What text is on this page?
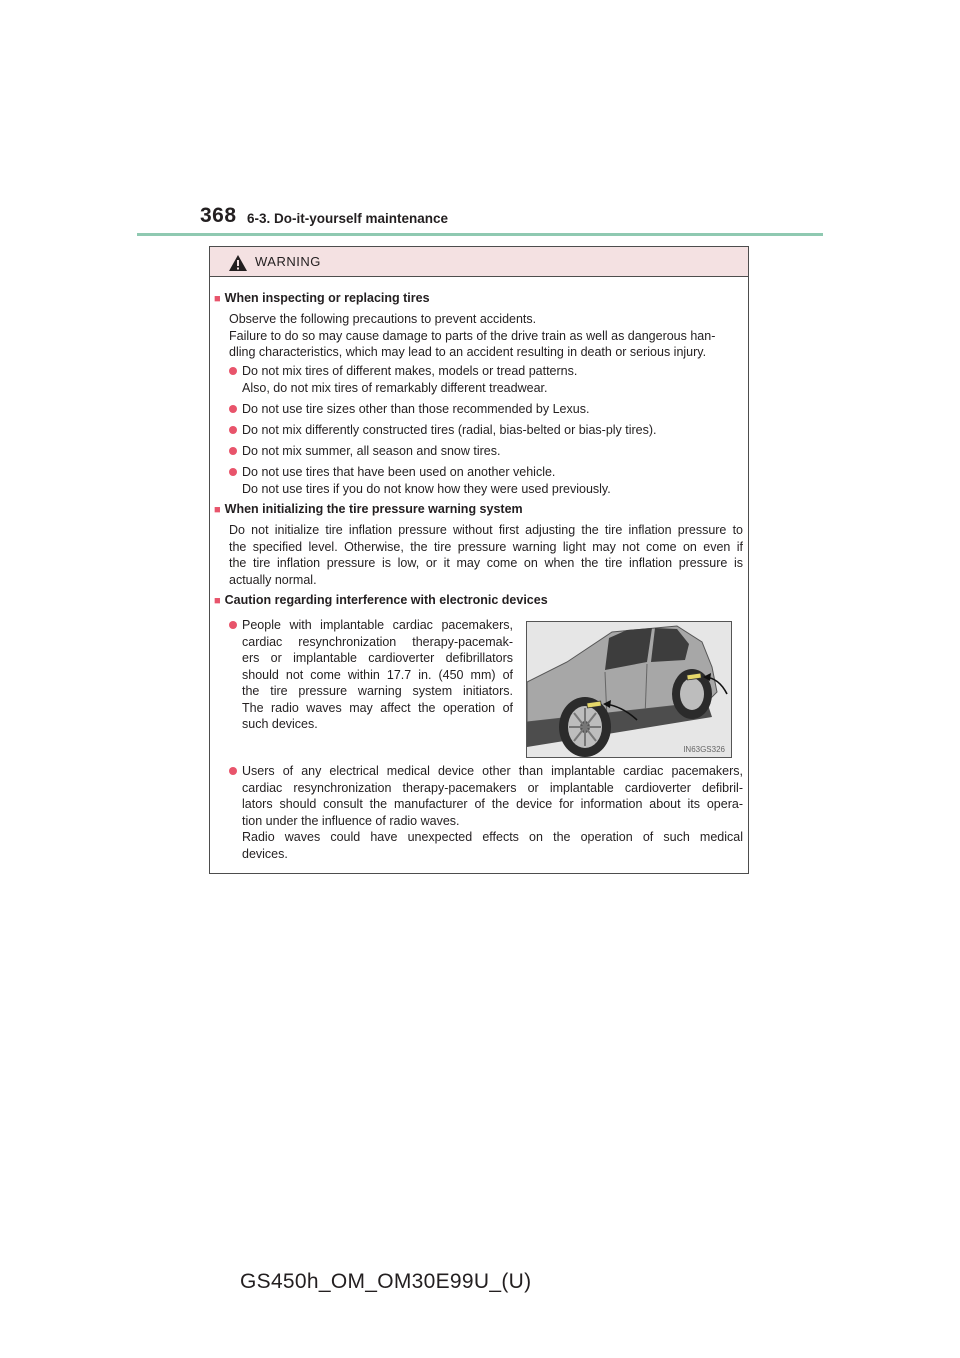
368 6-3. Do-it-yourself maintenance
WARNING
■ When inspecting or replacing tires
Observe the following precautions to prevent accidents.
Failure to do so may cause damage to parts of the drive train as well as dangerous han-
dling characteristics, which may lead to an accident resulting in death or serious injury.
Do not mix tires of different makes, models or tread patterns.
Also, do not mix tires of remarkably different treadwear.
Do not use tire sizes other than those recommended by Lexus.
Do not mix differently constructed tires (radial, bias-belted or bias-ply tires).
Do not mix summer, all season and snow tires.
Do not use tires that have been used on another vehicle.
Do not use tires if you do not know how they were used previously.
■ When initializing the tire pressure warning system
Do not initialize tire inflation pressure without first adjusting the tire inflation pressure to
the specified level. Otherwise, the tire pressure warning light may not come on even if
the tire inflation pressure is low, or it may come on when the tire inflation pressure is
actually normal.
■ Caution regarding interference with electronic devices
People with implantable cardiac pacemakers,
cardiac resynchronization therapy-pacemak-
ers or implantable cardioverter defibrillators
should not come within 17.7 in. (450 mm) of
the tire pressure warning system initiators.
The radio waves may affect the operation of
such devices.
IN63GS326
Users of any electrical medical device other than implantable cardiac pacemakers,
cardiac resynchronization therapy-pacemakers or implantable cardioverter defibril-
lators should consult the manufacturer of the device for information about its opera-
tion under the influence of radio waves.
Radio waves could have unexpected effects on the operation of such medical
devices.
GS450h_OM_OM30E99U_(U)
